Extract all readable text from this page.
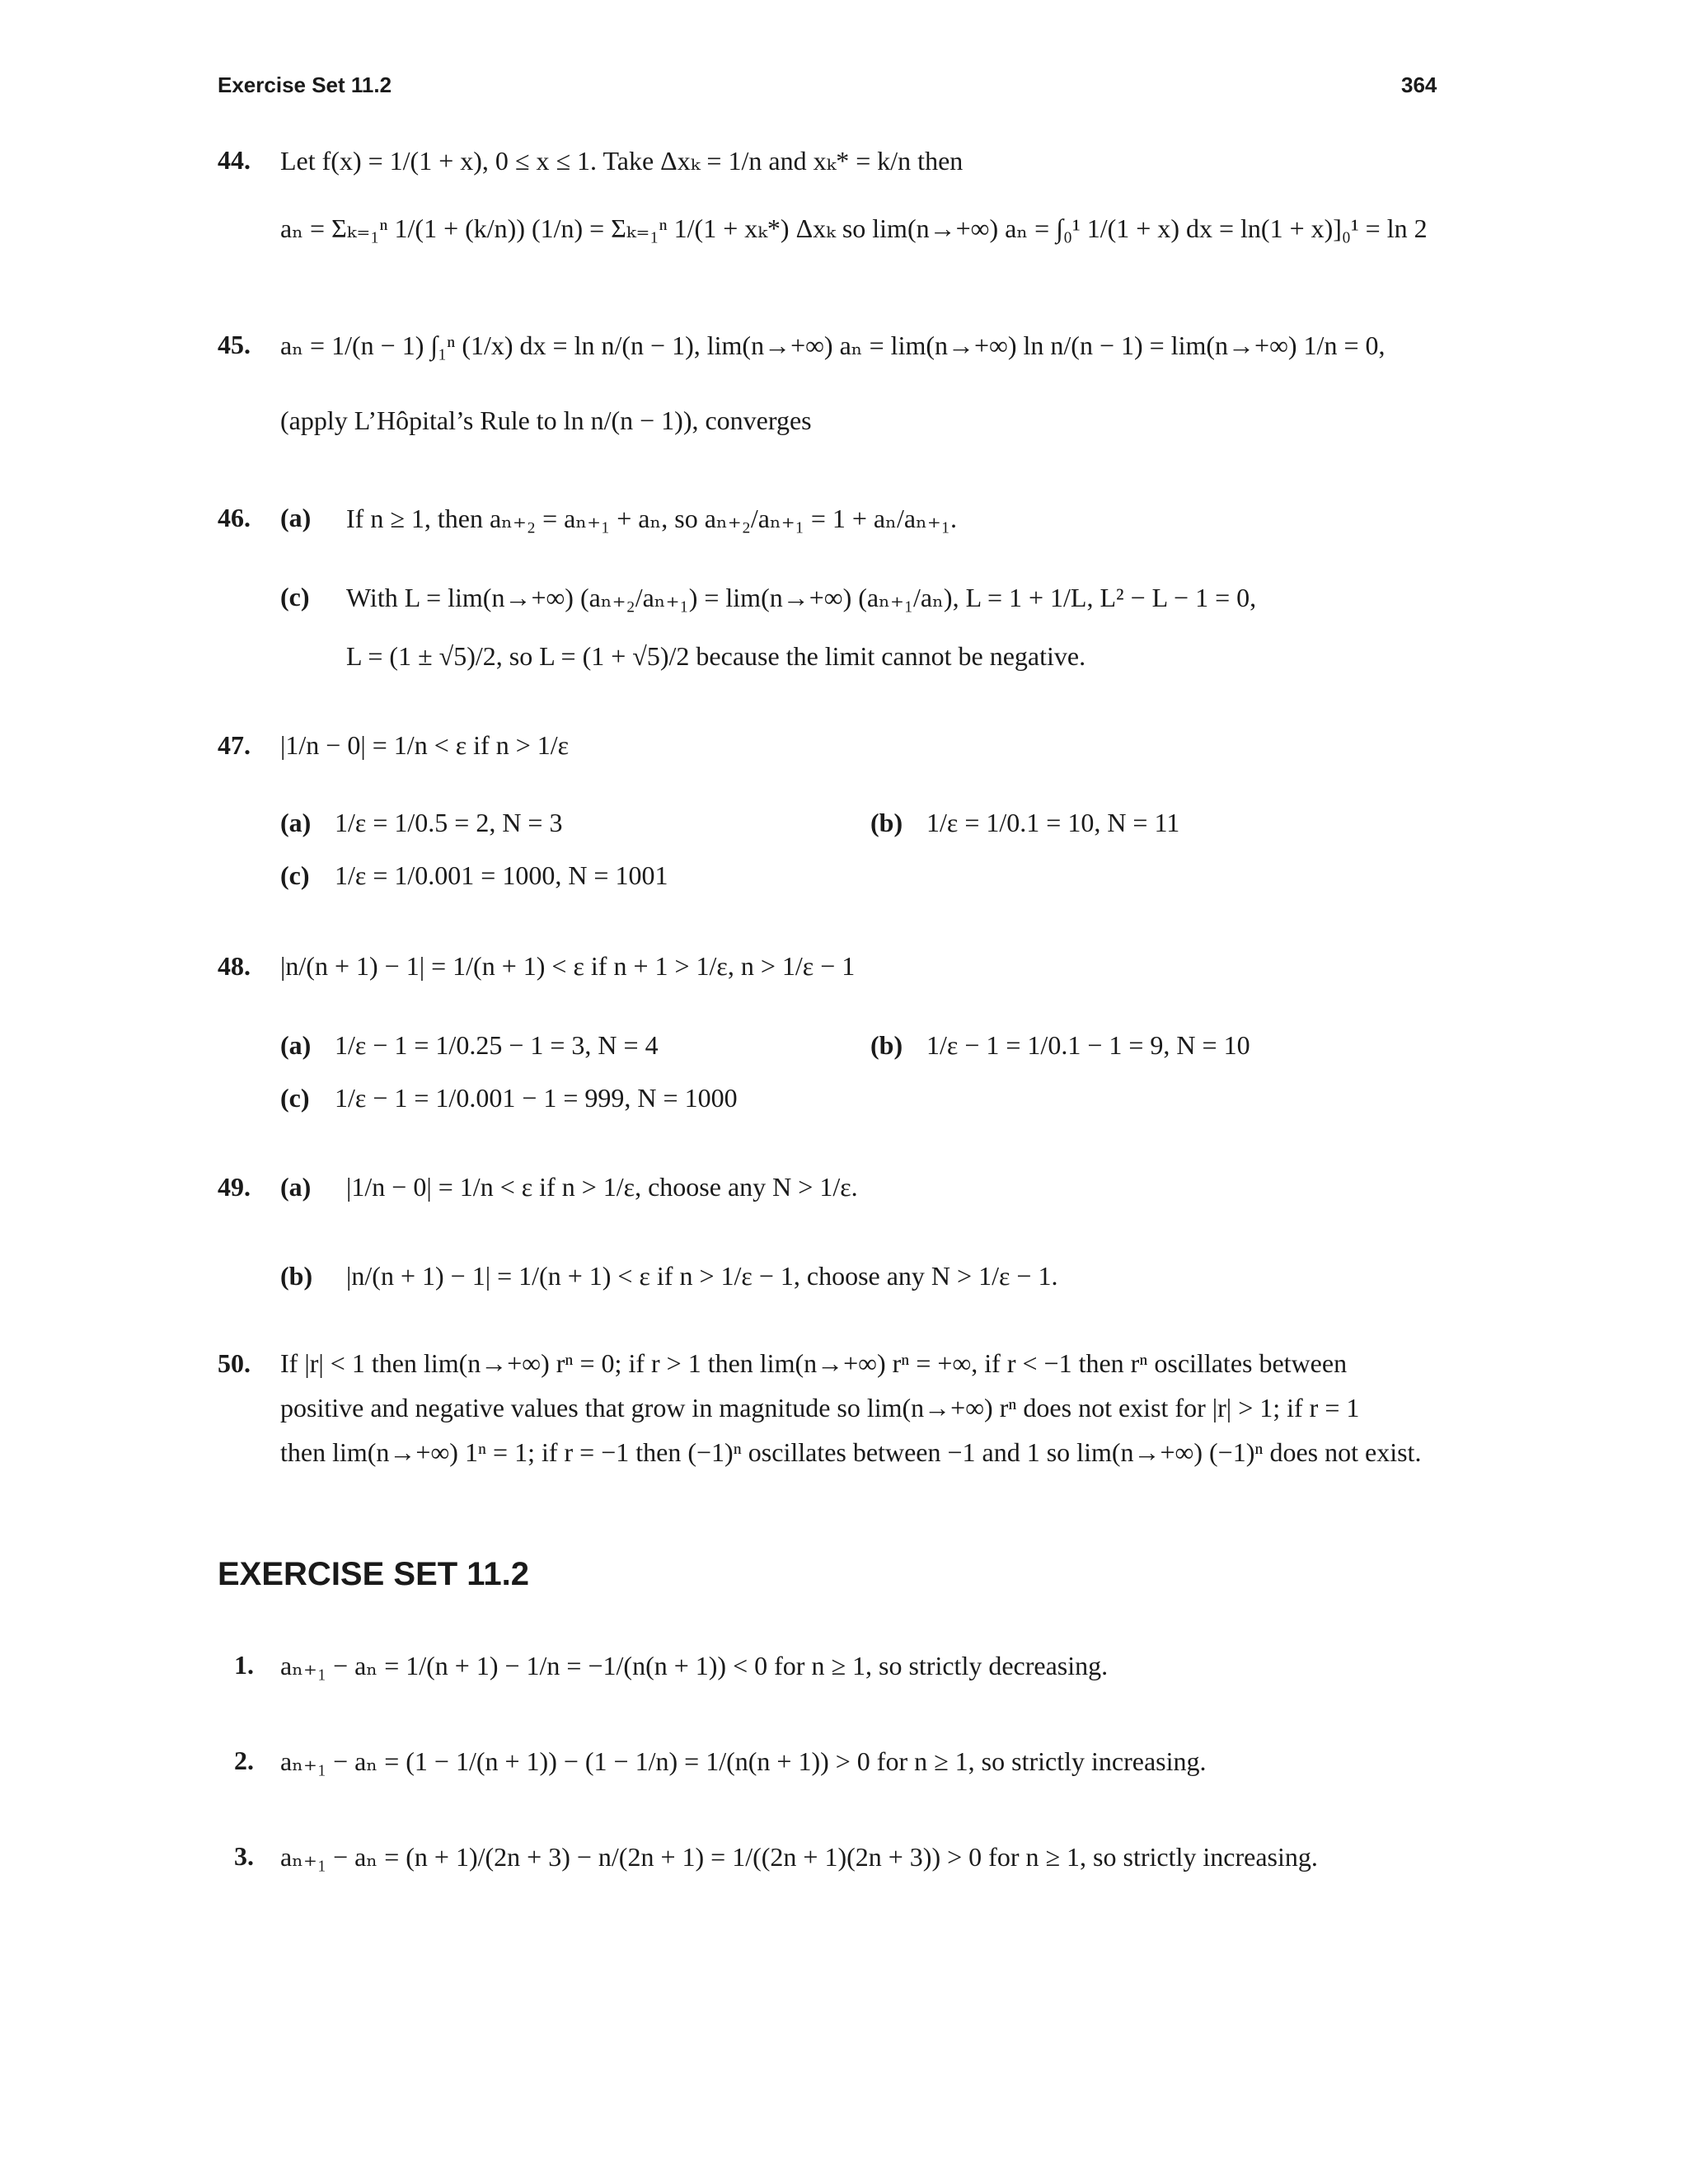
Exercise Set 11.2	364
44. Let f(x) = 1/(1 + x), 0 ≤ x ≤ 1. Take Δxₖ = 1/n and xₖ* = k/n then
aₙ = Σₖ₌₁ⁿ 1/(1 + (k/n)) (1/n) = Σₖ₌₁ⁿ 1/(1 + xₖ*) Δxₖ so lim(n→+∞) aₙ = ∫₀¹ 1/(1 + x) dx = ln(1 + x)]₀¹ = ln 2
45. aₙ = 1/(n − 1) ∫₁ⁿ (1/x) dx = ln n/(n − 1), lim(n→+∞) aₙ = lim(n→+∞) ln n/(n − 1) = lim(n→+∞) 1/n = 0,
(apply L’Hôpital’s Rule to ln n/(n − 1)), converges
46. (a) If n ≥ 1, then aₙ₊₂ = aₙ₊₁ + aₙ, so aₙ₊₂/aₙ₊₁ = 1 + aₙ/aₙ₊₁.
(c) With L = lim(n→+∞) (aₙ₊₂/aₙ₊₁) = lim(n→+∞) (aₙ₊₁/aₙ), L = 1 + 1/L, L² − L − 1 = 0,
L = (1 ± √5)/2, so L = (1 + √5)/2 because the limit cannot be negative.
47. |1/n − 0| = 1/n < ε if n > 1/ε
(a) 1/ε = 1/0.5 = 2, N = 3	(b) 1/ε = 1/0.1 = 10, N = 11
(c) 1/ε = 1/0.001 = 1000, N = 1001
48. |n/(n + 1) − 1| = 1/(n + 1) < ε if n + 1 > 1/ε, n > 1/ε − 1
(a) 1/ε − 1 = 1/0.25 − 1 = 3, N = 4	(b) 1/ε − 1 = 1/0.1 − 1 = 9, N = 10
(c) 1/ε − 1 = 1/0.001 − 1 = 999, N = 1000
49. (a) |1/n − 0| = 1/n < ε if n > 1/ε, choose any N > 1/ε.
(b) |n/(n + 1) − 1| = 1/(n + 1) < ε if n > 1/ε − 1, choose any N > 1/ε − 1.
50. If |r| < 1 then lim(n→+∞) rⁿ = 0; if r > 1 then lim(n→+∞) rⁿ = +∞, if r < −1 then rⁿ oscillates between
positive and negative values that grow in magnitude so lim(n→+∞) rⁿ does not exist for |r| > 1; if r = 1
then lim(n→+∞) 1ⁿ = 1; if r = −1 then (−1)ⁿ oscillates between −1 and 1 so lim(n→+∞) (−1)ⁿ does not exist.
EXERCISE SET 11.2
1. aₙ₊₁ − aₙ = 1/(n + 1) − 1/n = −1/(n(n + 1)) < 0 for n ≥ 1, so strictly decreasing.
2. aₙ₊₁ − aₙ = (1 − 1/(n + 1)) − (1 − 1/n) = 1/(n(n + 1)) > 0 for n ≥ 1, so strictly increasing.
3. aₙ₊₁ − aₙ = (n + 1)/(2n + 3) − n/(2n + 1) = 1/((2n + 1)(2n + 3)) > 0 for n ≥ 1, so strictly increasing.
